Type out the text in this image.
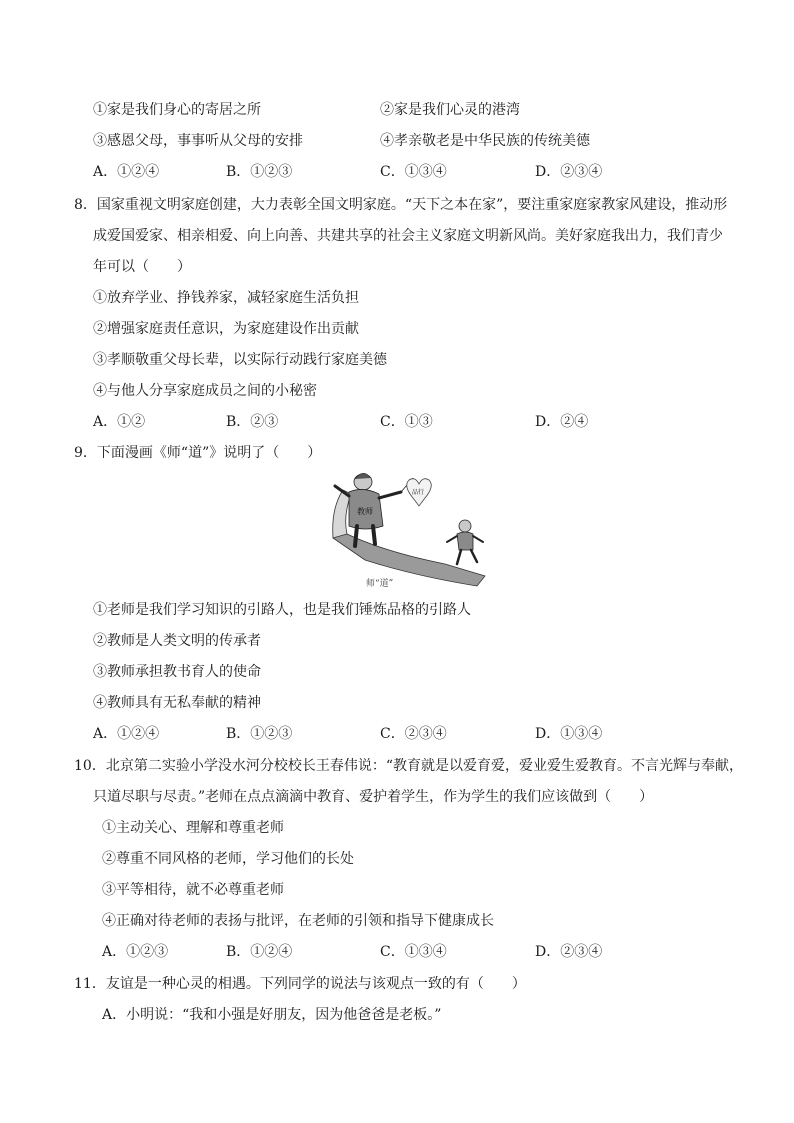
①家是我们身心的寄居之所	②家是我们心灵的港湾
③感恩父母，事事听从父母的安排	④孝亲敬老是中华民族的传统美德
A．①②④	B．①②③	C．①③④	D．②③④
8．国家重视文明家庭创建，大力表彰全国文明家庭。“天下之本在家”，要注重家庭家教家风建设，推动形
成爱国爱家、相亲相爱、向上向善、共建共享的社会主义家庭文明新风尚。美好家庭我出力，我们青少
年可以（　　）
①放弃学业、挣钱养家，减轻家庭生活负担
②增强家庭责任意识，为家庭建设作出贡献
③孝顺敬重父母长辈，以实际行动践行家庭美德
④与他人分享家庭成员之间的小秘密
A．①②	B．②③	C．①③	D．②④
9．下面漫画《师“道”》说明了（　　）
教师
品行
师“道”
①老师是我们学习知识的引路人，也是我们锤炼品格的引路人
②教师是人类文明的传承者
③教师承担教书育人的使命
④教师具有无私奉献的精神
A．①②④	B．①②③	C．②③④	D．①③④
10．北京第二实验小学没水河分校校长王春伟说：“教育就是以爱育爱，爱业爱生爱教育。不言光辉与奉献，
只道尽职与尽责。”老师在点点滴滴中教育、爱护着学生，作为学生的我们应该做到（　　）
①主动关心、理解和尊重老师
②尊重不同风格的老师，学习他们的长处
③平等相待，就不必尊重老师
④正确对待老师的表扬与批评，在老师的引领和指导下健康成长
A．①②③	B．①②④	C．①③④	D．②③④
11．友谊是一种心灵的相遇。下列同学的说法与该观点一致的有（　　）
A．小明说：“我和小强是好朋友，因为他爸爸是老板。”
